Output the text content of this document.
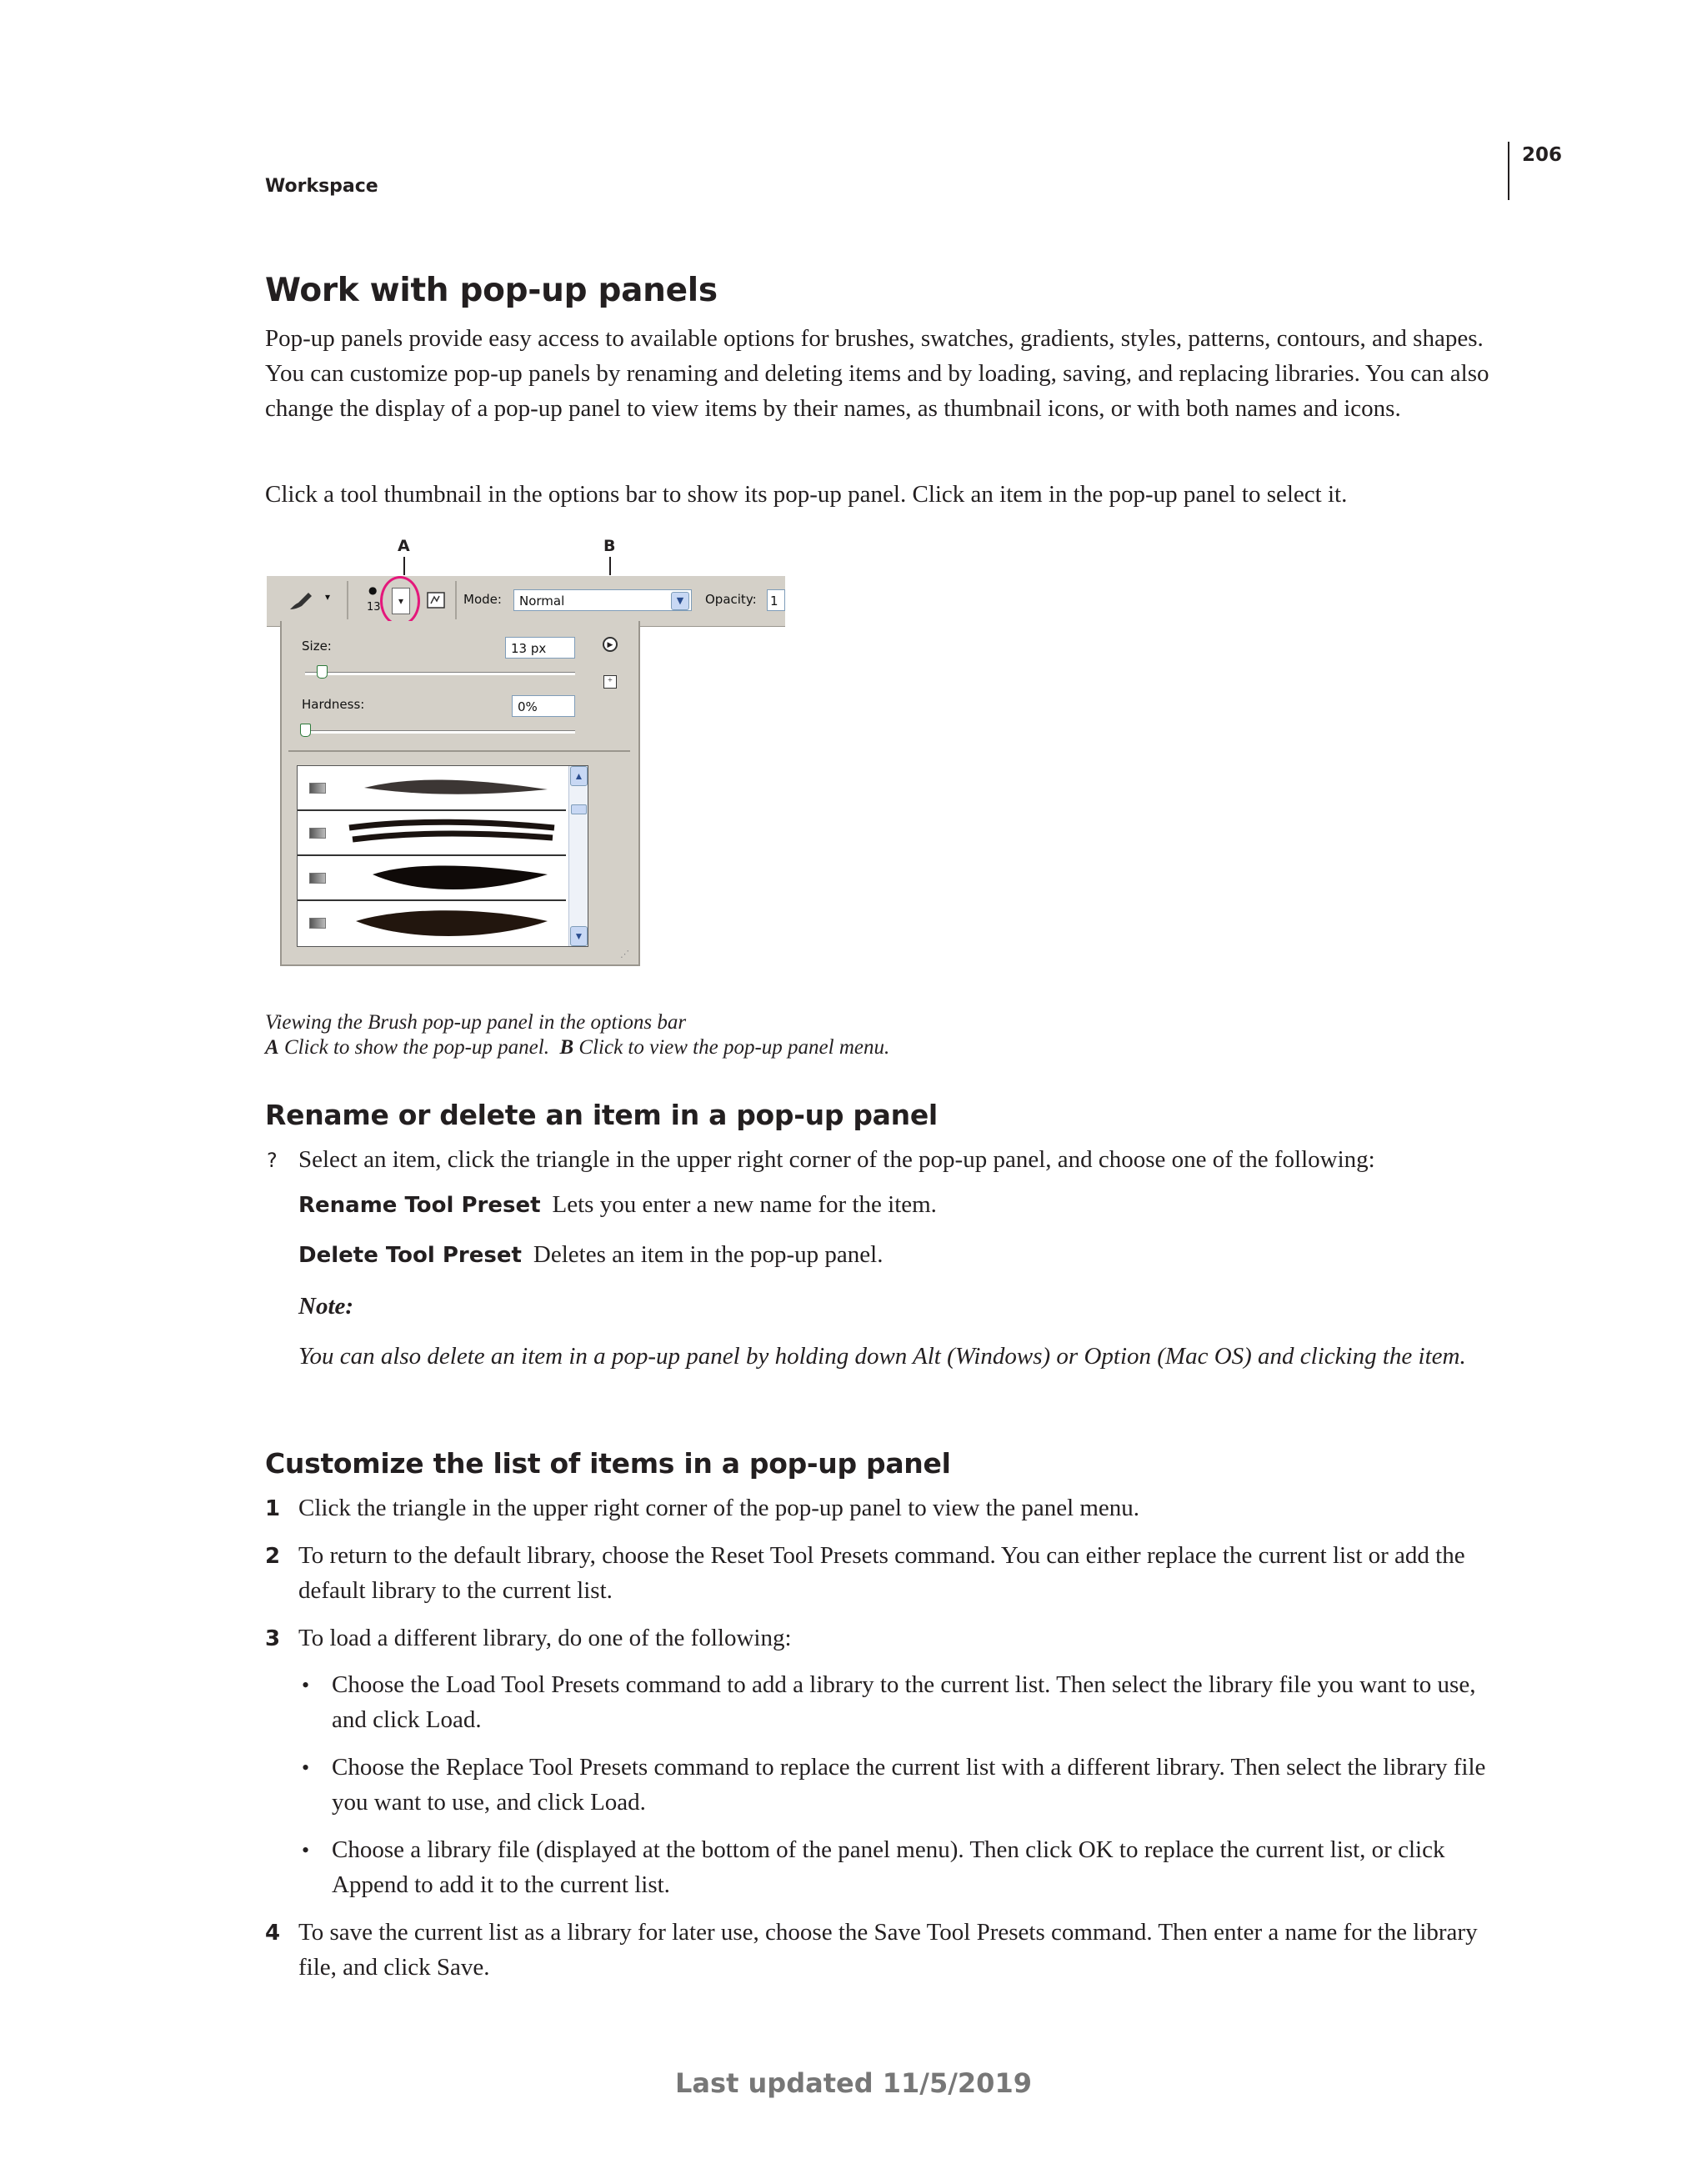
206
Workspace
Work with pop-up panels
Pop-up panels provide easy access to available options for brushes, swatches, gradients, styles, patterns, contours, and shapes. You can customize pop-up panels by renaming and deleting items and by loading, saving, and replacing libraries. You can also change the display of a pop-up panel to view items by their names, as thumbnail icons, or with both names and icons.
Click a tool thumbnail in the options bar to show its pop-up panel. Click an item in the pop-up panel to select it.
A	B
▾
●
13	▾	Mode:	Normal	▼	Opacity: 1
Size:	13 px
Hardness:	0%
▶
+
▲
▼
⋰
Viewing the Brush pop-up panel in the options bar
A Click to show the pop-up panel. B Click to view the pop-up panel menu.
Rename or delete an item in a pop-up panel
? Select an item, click the triangle in the upper right corner of the pop-up panel, and choose one of the following:
Rename Tool Preset Lets you enter a new name for the item.
Delete Tool Preset Deletes an item in the pop-up panel.
Note:
You can also delete an item in a pop-up panel by holding down Alt (Windows) or Option (Mac OS) and clicking the item.
Customize the list of items in a pop-up panel
1 Click the triangle in the upper right corner of the pop-up panel to view the panel menu.
2 To return to the default library, choose the Reset Tool Presets command. You can either replace the current list or add the default library to the current list.
3 To load a different library, do one of the following:
• Choose the Load Tool Presets command to add a library to the current list. Then select the library file you want to use, and click Load.
• Choose the Replace Tool Presets command to replace the current list with a different library. Then select the library file you want to use, and click Load.
• Choose a library file (displayed at the bottom of the panel menu). Then click OK to replace the current list, or click Append to add it to the current list.
4 To save the current list as a library for later use, choose the Save Tool Presets command. Then enter a name for the library file, and click Save.
Last updated 11/5/2019
